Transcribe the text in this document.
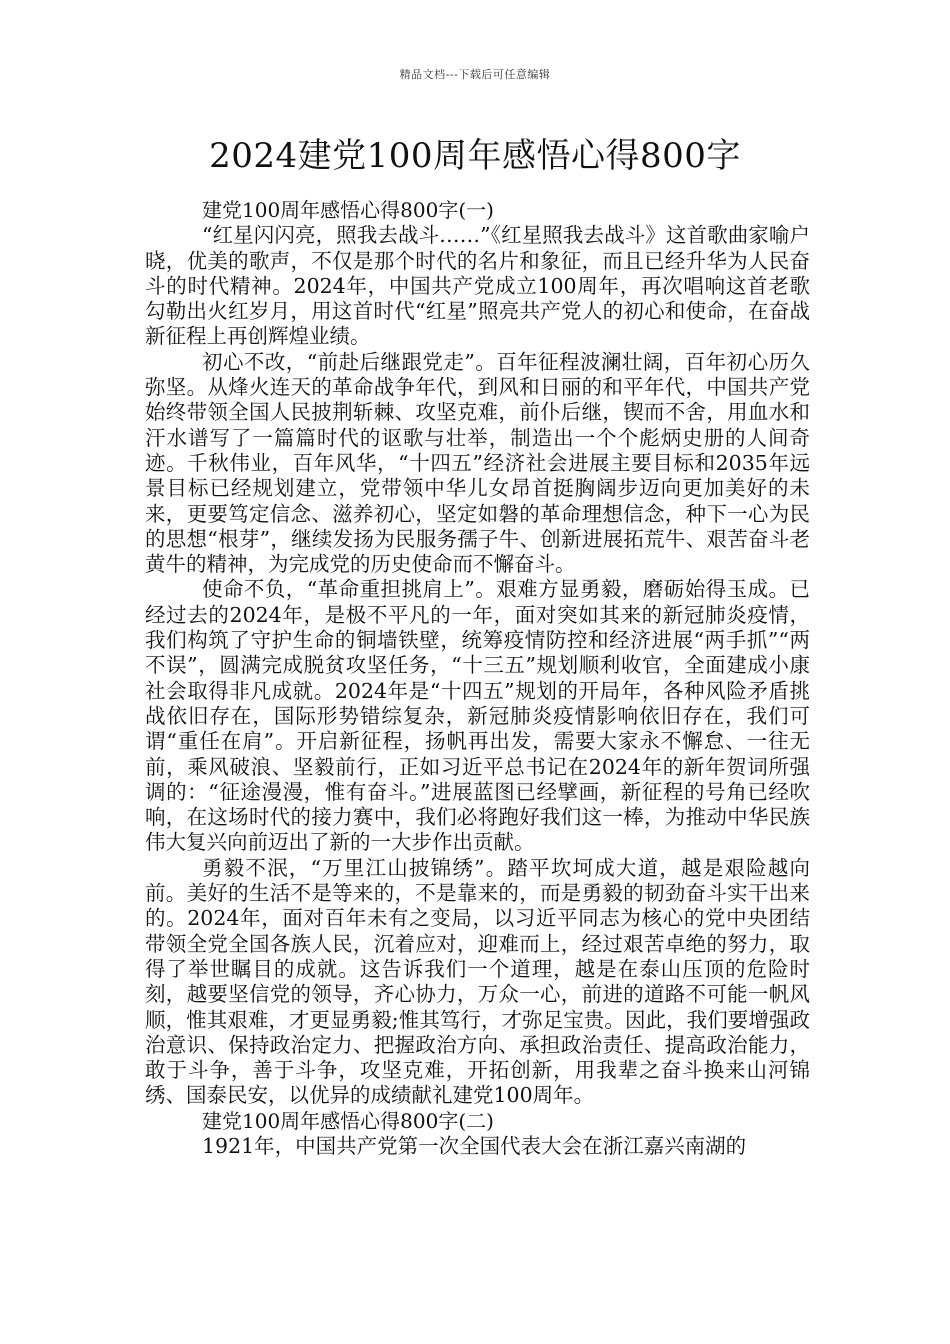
精品文档---下载后可任意编辑
2024建党100周年感悟心得800字
建党100周年感悟心得800字(一)

“红星闪闪亮，照我去战斗……”《红星照我去战斗》这首歌曲家喻户晓，优美的歌声，不仅是那个时代的名片和象征，而且已经升华为人民奋斗的时代精神。2024年，中国共产党成立100周年，再次唱响这首老歌勾勒出火红岁月，用这首时代“红星”照亮共产党人的初心和使命，在奋战新征程上再创辉煌业绩。

初心不改，“前赴后继跟党走”。百年征程波澜壮阔，百年初心历久弥坚。从烽火连天的革命战争年代，到风和日丽的和平年代，中国共产党始终带领全国人民披荆斩棘、攻坚克难，前仆后继，锲而不舍，用血水和汗水谱写了一篇篇时代的讴歌与壮举，制造出一个个彪炳史册的人间奇迹。千秋伟业，百年风华，“十四五”经济社会进展主要目标和2035年远景目标已经规划建立，党带领中华儿女昂首挺胸阔步迈向更加美好的未来，更要笃定信念、滋养初心，坚定如磐的革命理想信念，种下一心为民的思想“根芽”，继续发扬为民服务孺子牛、创新进展拓荒牛、艰苦奋斗老黄牛的精神，为完成党的历史使命而不懈奋斗。

使命不负，“革命重担挑肩上”。艰难方显勇毅，磨砺始得玉成。已经过去的2024年，是极不平凡的一年，面对突如其来的新冠肺炎疫情，我们构筑了守护生命的铜墙铁壁，统筹疫情防控和经济进展“两手抓”“两不误”，圆满完成脱贫攻坚任务，“十三五”规划顺利收官，全面建成小康社会取得非凡成就。2024年是“十四五”规划的开局年，各种风险矛盾挑战依旧存在，国际形势错综复杂，新冠肺炎疫情影响依旧存在，我们可谓“重任在肩”。开启新征程，扬帆再出发，需要大家永不懈怠、一往无前，乘风破浪、坚毅前行，正如习近平总书记在2024年的新年贺词所强调的：“征途漫漫，惟有奋斗。”进展蓝图已经擘画，新征程的号角已经吹响，在这场时代的接力赛中，我们必将跑好我们这一棒，为推动中华民族伟大复兴向前迈出了新的一大步作出贡献。

勇毅不泯，“万里江山披锦绣”。踏平坎坷成大道，越是艰险越向前。美好的生活不是等来的，不是靠来的，而是勇毅的韧劲奋斗实干出来的。2024年，面对百年未有之变局，以习近平同志为核心的党中央团结带领全党全国各族人民，沉着应对，迎难而上，经过艰苦卓绝的努力，取得了举世瞩目的成就。这告诉我们一个道理，越是在泰山压顶的危险时刻，越要坚信党的领导，齐心协力，万众一心，前进的道路不可能一帆风顺，惟其艰难，才更显勇毅;惟其笃行，才弥足宝贵。因此，我们要增强政治意识、保持政治定力、把握政治方向、承担政治责任、提高政治能力，敢于斗争，善于斗争，攻坚克难，开拓创新，用我辈之奋斗换来山河锦绣、国泰民安，以优异的成绩献礼建党100周年。

建党100周年感悟心得800字(二)

1921年，中国共产党第一次全国代表大会在浙江嘉兴南湖的
